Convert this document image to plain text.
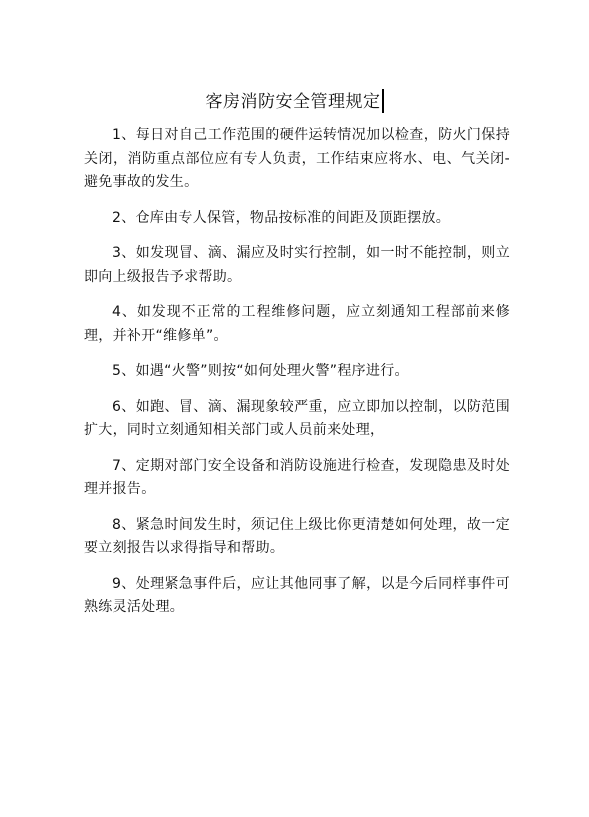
客房消防安全管理规定

1、每日对自己工作范围的硬件运转情况加以检查，防火门保持关闭，消防重点部位应有专人负责，工作结束应将水、电、气关闭-避免事故的发生。

2、仓库由专人保管，物品按标准的间距及顶距摆放。

3、如发现冒、滴、漏应及时实行控制，如一时不能控制，则立即向上级报告予求帮助。

4、如发现不正常的工程维修问题，应立刻通知工程部前来修理，并补开“维修单”。

5、如遇“火警”则按“如何处理火警”程序进行。

6、如跑、冒、滴、漏现象较严重，应立即加以控制，以防范围扩大，同时立刻通知相关部门或人员前来处理，

7、定期对部门安全设备和消防设施进行检查，发现隐患及时处理并报告。

8、紧急时间发生时，须记住上级比你更清楚如何处理，故一定要立刻报告以求得指导和帮助。

9、处理紧急事件后，应让其他同事了解，以是今后同样事件可熟练灵活处理。
